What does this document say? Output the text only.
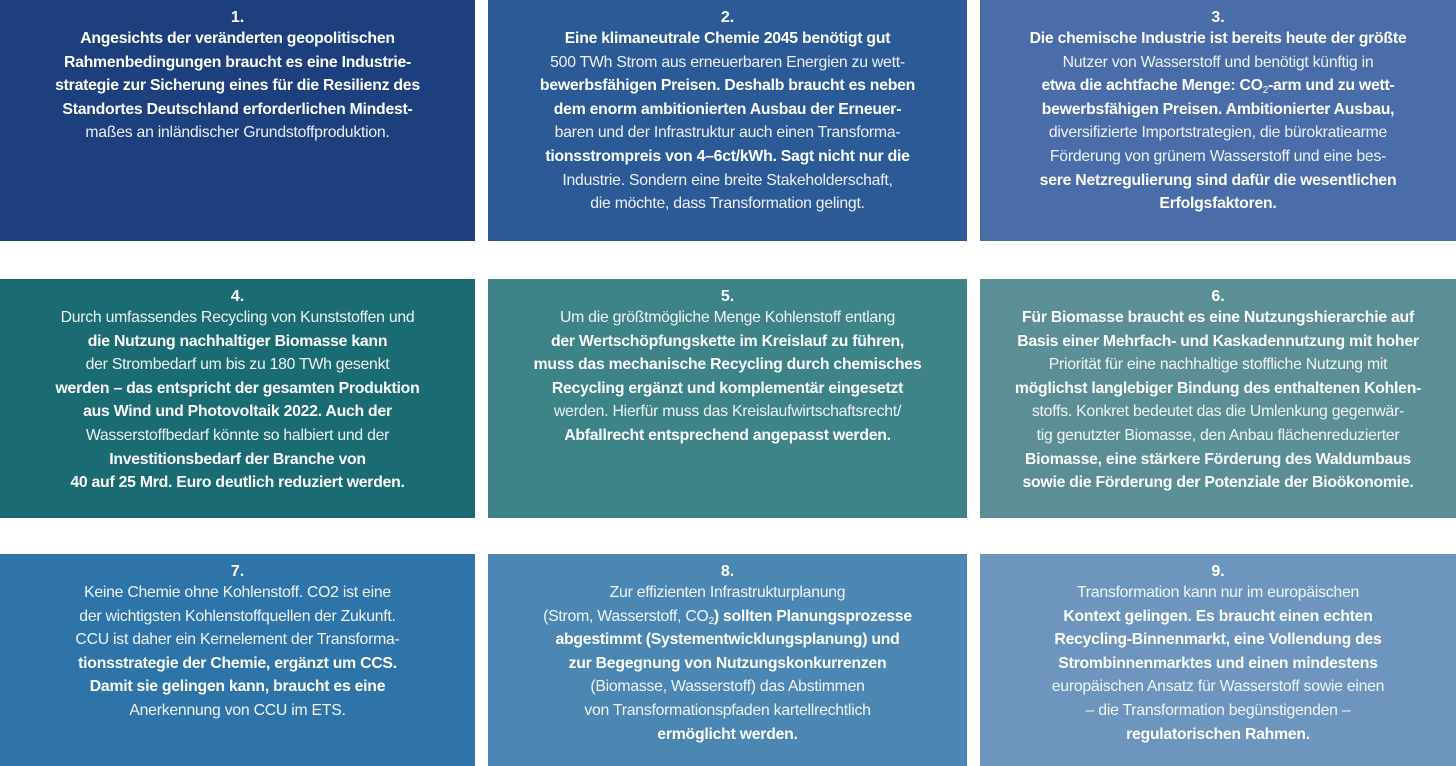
1.
Angesichts der veränderten geopolitischen
Rahmenbedingungen braucht es eine Industrie-
strategie zur Sicherung eines für die Resilienz des
Standortes Deutschland erforderlichen Mindest-
maßes an inländischer Grundstoffproduktion.
2.
Eine klimaneutrale Chemie 2045 benötigt gut
500 TWh Strom aus erneuerbaren Energien zu wett-
bewerbsfähigen Preisen. Deshalb braucht es neben
dem enorm ambitionierten Ausbau der Erneuer-
baren und der Infrastruktur auch einen Transforma-
tionsstrompreis von 4–6ct/kWh. Sagt nicht nur die
Industrie. Sondern eine breite Stakeholderschaft,
die möchte, dass Transformation gelingt.
3.
Die chemische Industrie ist bereits heute der größte
Nutzer von Wasserstoff und benötigt künftig in
etwa die achtfache Menge: $CO_2$-arm und zu wett-
bewerbsfähigen Preisen. Ambitionierter Ausbau,
diversifizierte Importstrategien, die bürokratiearme
Förderung von grünem Wasserstoff und eine bes-
sere Netzregulierung sind dafür die wesentlichen
Erfolgsfaktoren.
4.
Durch umfassendes Recycling von Kunststoffen und
die Nutzung nachhaltiger Biomasse kann
der Strombedarf um bis zu 180 TWh gesenkt
werden – das entspricht der gesamten Produktion
aus Wind und Photovoltaik 2022. Auch der
Wasserstoffbedarf könnte so halbiert und der
Investitionsbedarf der Branche von
40 auf 25 Mrd. Euro deutlich reduziert werden.
5.
Um die größtmögliche Menge Kohlenstoff entlang
der Wertschöpfungskette im Kreislauf zu führen,
muss das mechanische Recycling durch chemisches
Recycling ergänzt und komplementär eingesetzt
werden. Hierfür muss das Kreislaufwirtschaftsrecht/
Abfallrecht entsprechend angepasst werden.
6.
Für Biomasse braucht es eine Nutzungshierarchie auf
Basis einer Mehrfach- und Kaskadennutzung mit hoher
Priorität für eine nachhaltige stoffliche Nutzung mit
möglichst langlebiger Bindung des enthaltenen Kohlen-
stoffs. Konkret bedeutet das die Umlenkung gegenwär-
tig genutzter Biomasse, den Anbau flächenreduzierter
Biomasse, eine stärkere Förderung des Waldumbaus
sowie die Förderung der Potenziale der Bioökonomie.
7.
Keine Chemie ohne Kohlenstoff. CO2 ist eine
der wichtigsten Kohlenstoffquellen der Zukunft.
CCU ist daher ein Kernelement der Transforma-
tionsstrategie der Chemie, ergänzt um CCS.
Damit sie gelingen kann, braucht es eine
Anerkennung von CCU im ETS.
8.
Zur effizienten Infrastrukturplanung
(Strom, Wasserstoff, $CO_2$) sollten Planungsprozesse
abgestimmt (Systementwicklungsplanung) und
zur Begegnung von Nutzungskonkurrenzen
(Biomasse, Wasserstoff) das Abstimmen
von Transformationspfaden kartellrechtlich
ermöglicht werden.
9.
Transformation kann nur im europäischen
Kontext gelingen. Es braucht einen echten
Recycling-Binnenmarkt, eine Vollendung des
Strombinnenmarktes und einen mindestens
europäischen Ansatz für Wasserstoff sowie einen
– die Transformation begünstigenden –
regulatorischen Rahmen.
